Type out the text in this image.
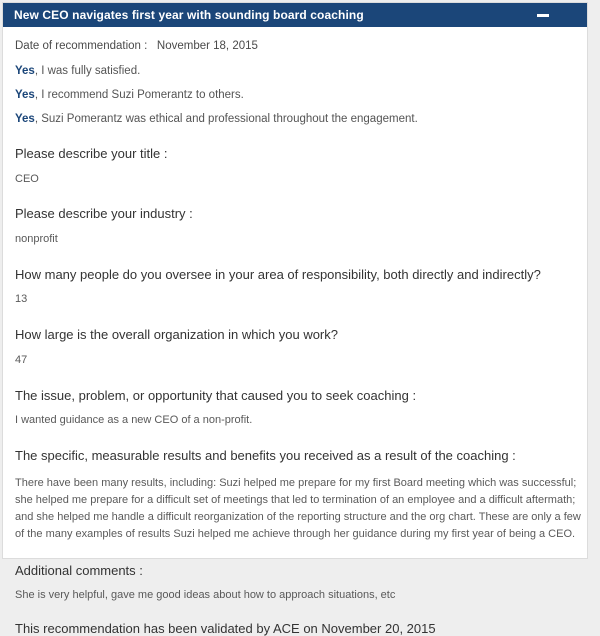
New CEO navigates first year with sounding board coaching
Date of recommendation :   November 18, 2015
Yes, I was fully satisfied.
Yes, I recommend Suzi Pomerantz to others.
Yes, Suzi Pomerantz was ethical and professional throughout the engagement.
Please describe your title :
CEO
Please describe your industry :
nonprofit
How many people do you oversee in your area of responsibility, both directly and indirectly?
13
How large is the overall organization in which you work?
47
The issue, problem, or opportunity that caused you to seek coaching :
I wanted guidance as a new CEO of a non-profit.
The specific, measurable results and benefits you received as a result of the coaching :
There have been many results, including: Suzi helped me prepare for my first Board meeting which was successful; she helped me prepare for a difficult set of meetings that led to termination of an employee and a difficult aftermath; and she helped me handle a difficult reorganization of the reporting structure and the org chart. These are only a few of the many examples of results Suzi helped me achieve through her guidance during my first year of being a CEO.
Additional comments :
She is very helpful, gave me good ideas about how to approach situations, etc
This recommendation has been validated by ACE on November 20, 2015
